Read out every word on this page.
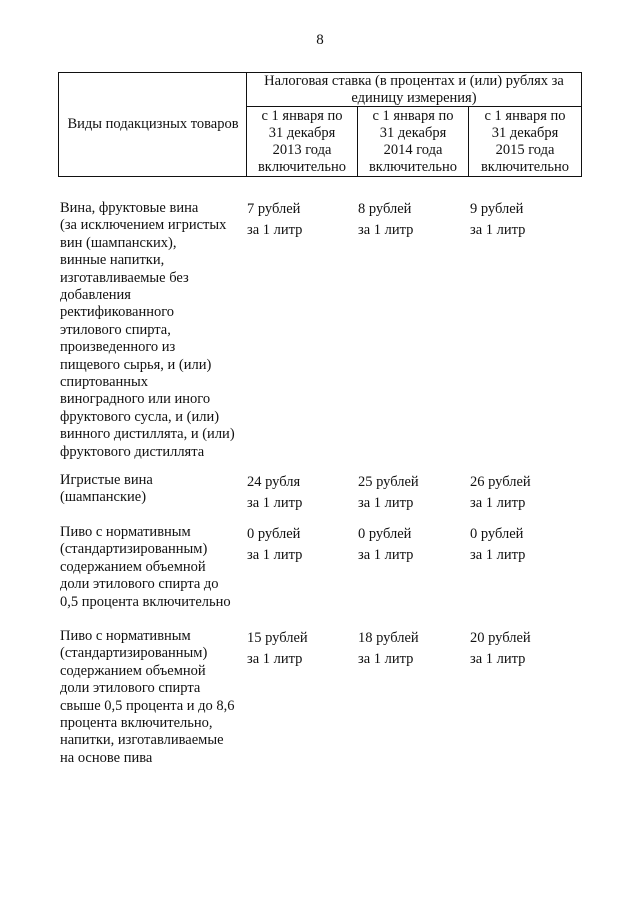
8
Виды подакцизных товаров
Налоговая ставка (в процентах и (или) рублях за
единицу измерения)
с 1 января по
31 декабря
2013 года
включительно
с 1 января по
31 декабря
2014 года
включительно
с 1 января по
31 декабря
2015 года
включительно
Вина, фруктовые вина
(за исключением игристых
вин (шампанских),
винные напитки,
изготавливаемые без
добавления
ректификованного
этилового спирта,
произведенного из
пищевого сырья, и (или)
спиртованных
виноградного или иного
фруктового сусла, и (или)
винного дистиллята, и (или)
фруктового дистиллята
7 рублей
за 1 литр
8 рублей
за 1 литр
9 рублей
за 1 литр
Игристые вина
(шампанские)
24 рубля
за 1 литр
25 рублей
за 1 литр
26 рублей
за 1 литр
Пиво с нормативным
(стандартизированным)
содержанием объемной
доли этилового спирта до
0,5 процента включительно
0 рублей
за 1 литр
0 рублей
за 1 литр
0 рублей
за 1 литр
Пиво с нормативным
(стандартизированным)
содержанием объемной
доли этилового спирта
свыше 0,5 процента и до 8,6
процента включительно,
напитки, изготавливаемые
на основе пива
15 рублей
за 1 литр
18 рублей
за 1 литр
20 рублей
за 1 литр
